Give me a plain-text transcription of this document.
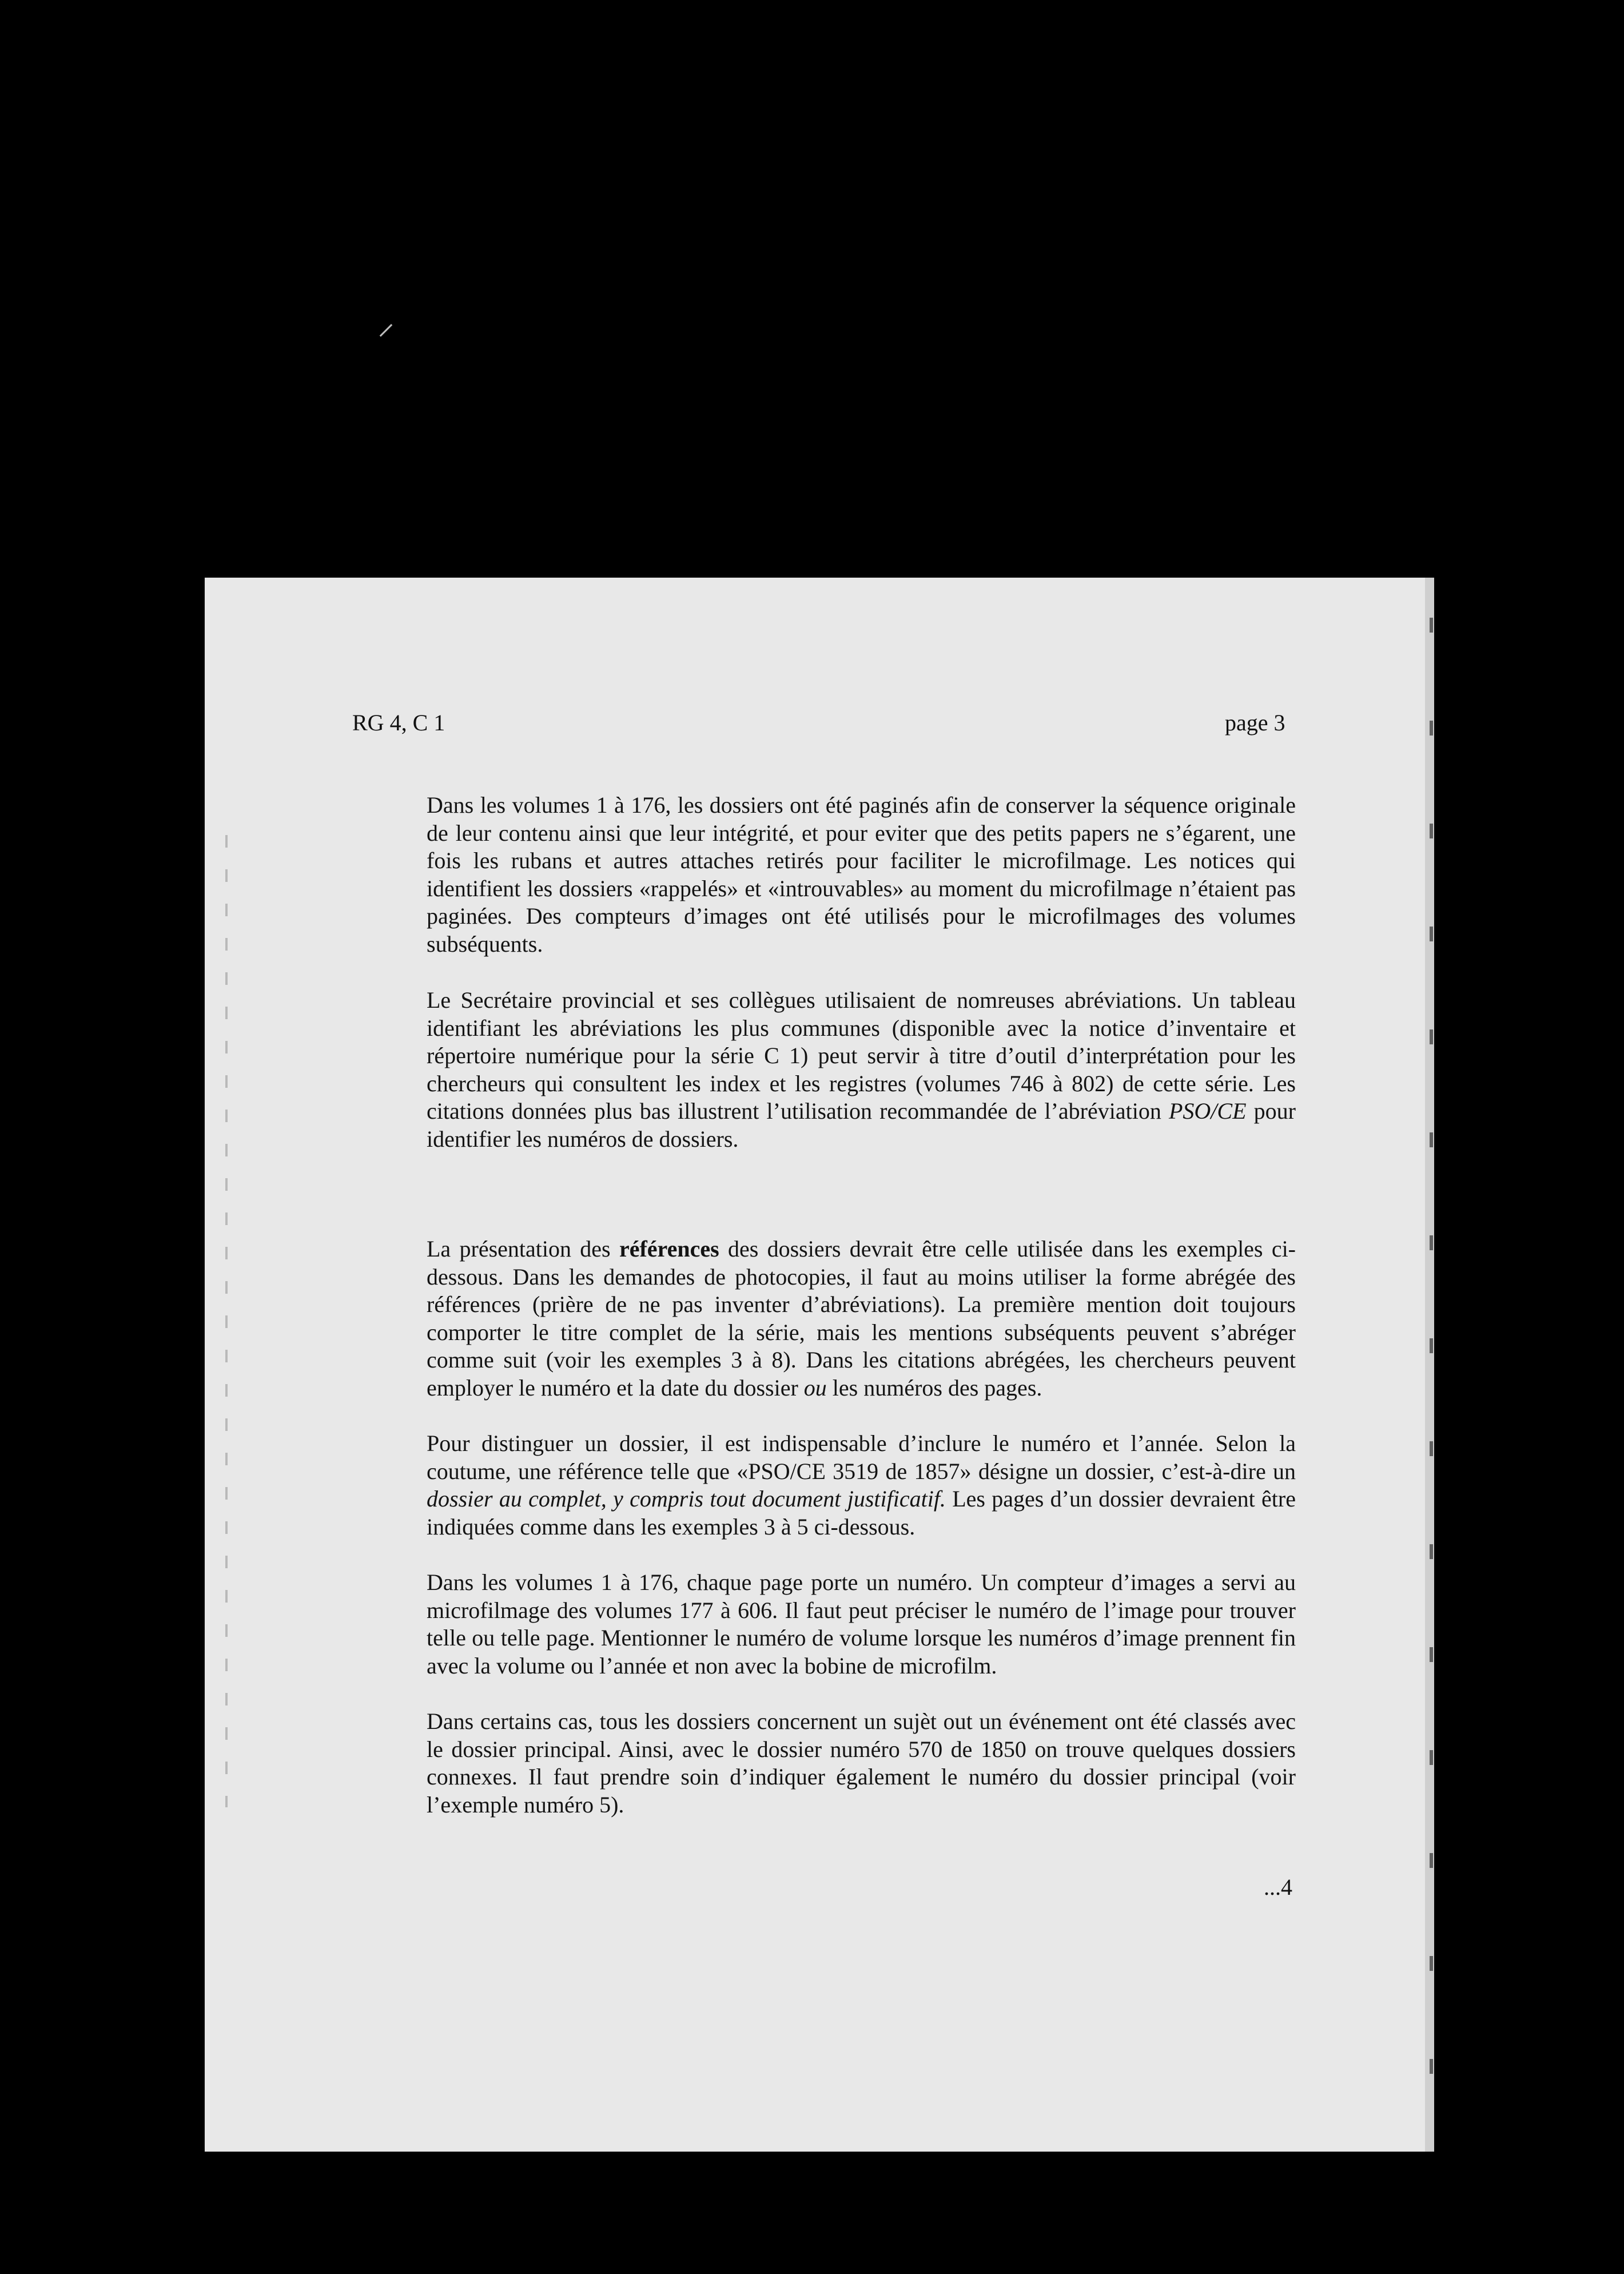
⸝
RG 4, C 1	page 3

Dans les volumes 1 à 176, les dossiers ont été paginés afin de conserver la séquence originale de leur contenu ainsi que leur intégrité, et pour eviter que des petits papers ne s’égarent, une fois les rubans et autres attaches retirés pour faciliter le microfilmage. Les notices qui identifient les dossiers «rappelés» et «introuvables» au moment du microfilmage n’étaient pas paginées. Des compteurs d’images ont été utilisés pour le microfilmages des volumes subséquents.

Le Secrétaire provincial et ses collègues utilisaient de nomreuses abréviations. Un tableau identifiant les abréviations les plus communes (disponible avec la notice d’inventaire et répertoire numérique pour la série C 1) peut servir à titre d’outil d’interprétation pour les chercheurs qui consultent les index et les registres (volumes 746 à 802) de cette série. Les citations données plus bas illustrent l’utilisation recommandée de l’abréviation PSO/CE pour identifier les numéros de dossiers.

La présentation des références des dossiers devrait être celle utilisée dans les exemples ci-dessous. Dans les demandes de photocopies, il faut au moins utiliser la forme abrégée des références (prière de ne pas inventer d’abréviations). La première mention doit toujours comporter le titre complet de la série, mais les mentions subséquents peuvent s’abréger comme suit (voir les exemples 3 à 8). Dans les citations abrégées, les chercheurs peuvent employer le numéro et la date du dossier ou les numéros des pages.

Pour distinguer un dossier, il est indispensable d’inclure le numéro et l’année. Selon la coutume, une référence telle que «PSO/CE 3519 de 1857» désigne un dossier, c’est-à-dire un dossier au complet, y compris tout document justificatif. Les pages d’un dossier devraient être indiquées comme dans les exemples 3 à 5 ci-dessous.

Dans les volumes 1 à 176, chaque page porte un numéro. Un compteur d’images a servi au microfilmage des volumes 177 à 606. Il faut peut préciser le numéro de l’image pour trouver telle ou telle page. Mentionner le numéro de volume lorsque les numéros d’image prennent fin avec la volume ou l’année et non avec la bobine de microfilm.

Dans certains cas, tous les dossiers concernent un sujèt out un événement ont été classés avec le dossier principal. Ainsi, avec le dossier numéro 570 de 1850 on trouve quelques dossiers connexes. Il faut prendre soin d’indiquer également le numéro du dossier principal (voir l’exemple numéro 5).

...4
